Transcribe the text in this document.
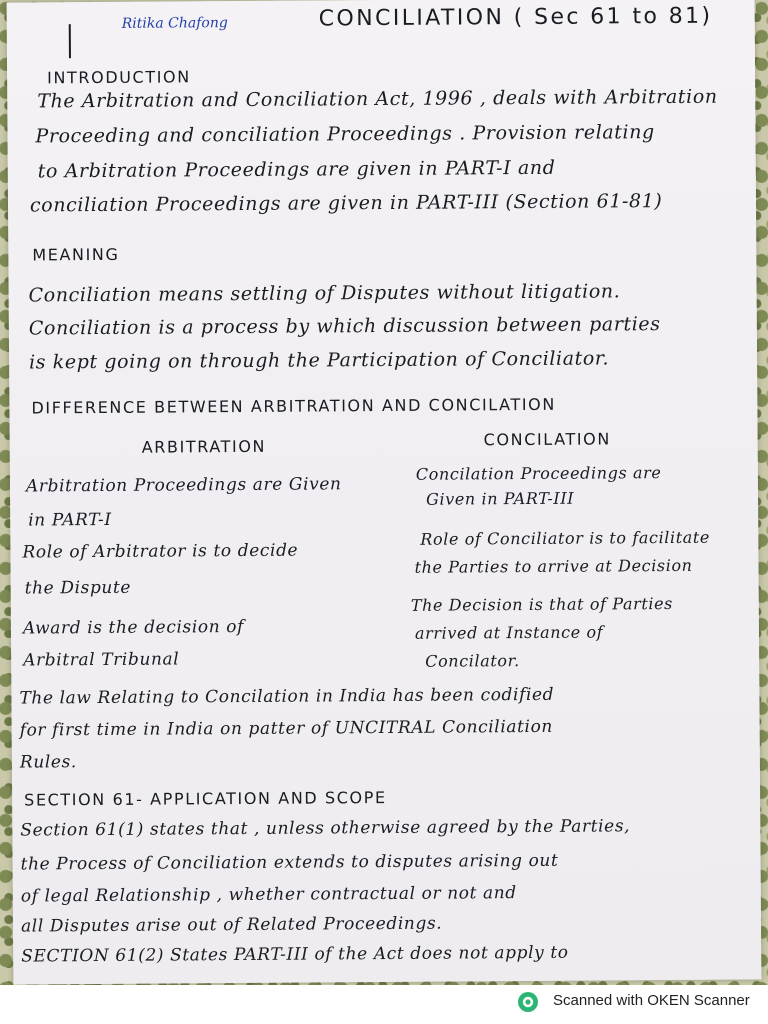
Ritika Chafong	CONCILIATION ( Sec 61 to 81)
INTRODUCTION
The Arbitration and Conciliation Act, 1996 , deals with Arbitration
Proceeding and conciliation Proceedings . Provision relating
to Arbitration Proceedings are given in PART-I and
conciliation Proceedings are given in PART-III (Section 61-81)
MEANING
Conciliation means settling of Disputes without litigation.
Conciliation is a process by which discussion between parties
is kept going on through the Participation of Conciliator.
DIFFERENCE BETWEEN ARBITRATION AND CONCILATION
ARBITRATION	CONCILATION
Arbitration Proceedings are Given
in PART-I
Role of Arbitrator is to decide
the Dispute
Award is the decision of
Arbitral Tribunal
Concilation Proceedings are
Given in PART-III
Role of Conciliator is to facilitate
the Parties to arrive at Decision
The Decision is that of Parties
arrived at Instance of
Concilator.
The law Relating to Concilation in India has been codified
for first time in India on patter of UNCITRAL Conciliation
Rules.
SECTION 61- APPLICATION AND SCOPE
Section 61(1) states that , unless otherwise agreed by the Parties,
the Process of Conciliation extends to disputes arising out
of legal Relationship , whether contractual or not and
all Disputes arise out of Related Proceedings.
SECTION 61(2) States PART-III of the Act does not apply to
Scanned with OKEN Scanner
